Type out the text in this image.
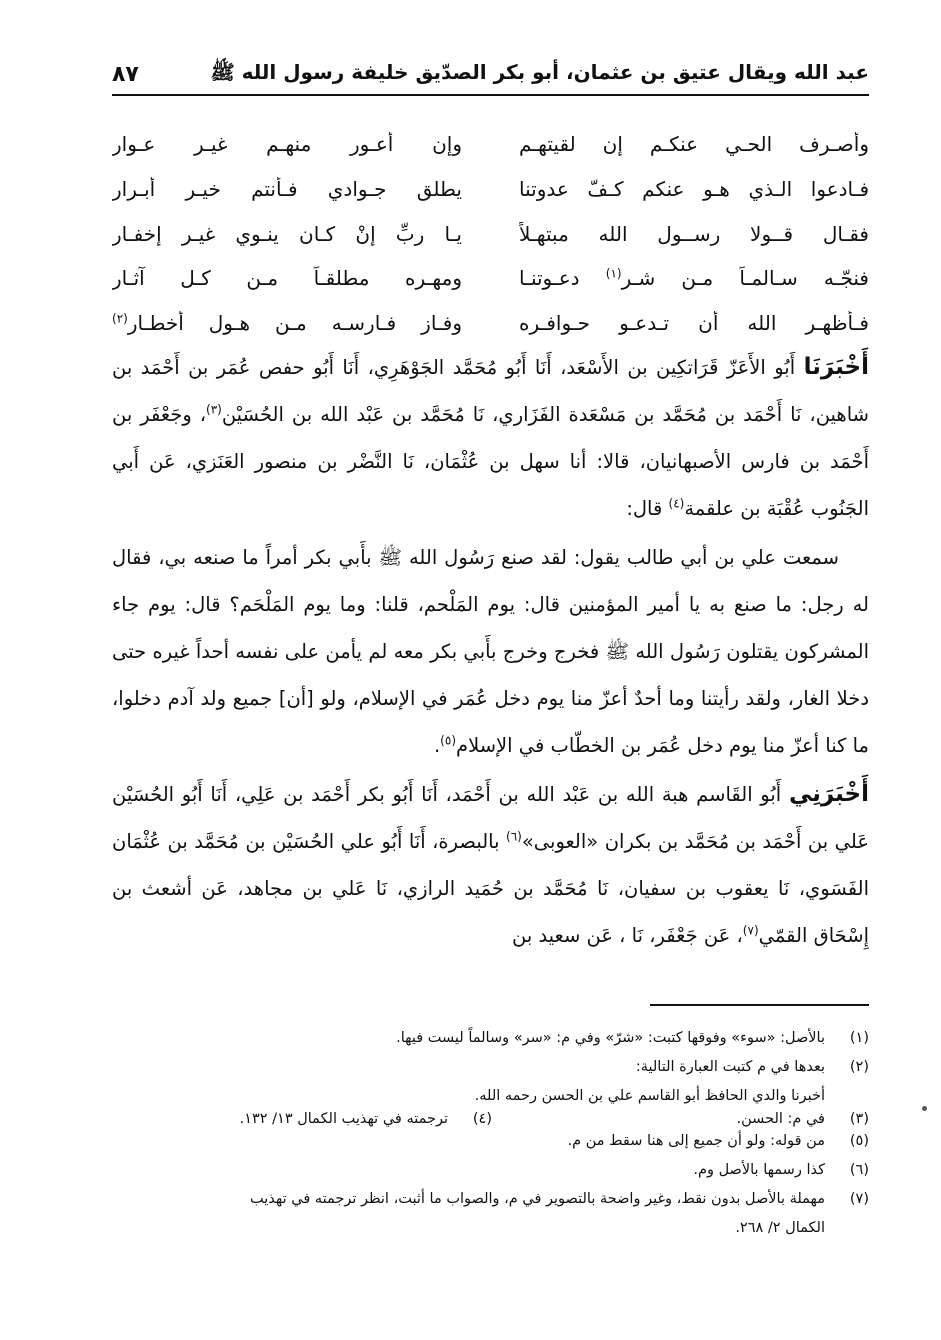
عبد الله ويقال عتيق بن عثمان، أبو بكر الصدّيق خليفة رسول الله ﷺ
٨٧
وأصـرف الحـي عنكـم إن لقيتهـم
وإن أعـور منهـم غيـر عـوار
فـادعوا الـذي هـو عنكم كـفّ عدوتنا
يطلق جـوادي فـأنتم خيـر أبـرار
فقـال قــولا رســول الله مبتهـلاً
يـا ربِّ إنْ كـان ينـوي غيـر إخفـار
فنجّـه سـالمـاً مـن شـر$^{(١)}$ دعـوتنـا
ومهـره مطلقـاً مـن كـل آثـار
فـأظهـر الله أن تـدعـو حـوافـره
وفـاز فـارسـه مـن هـول أخطـار$^{(٢)}$

أَخْبَرَنَا أَبُو الأَعَزّ قَرَاتكِين بن الأَسْعَد، أَنَا أَبُو مُحَمَّد الجَوْهَرِي، أَنَا أَبُو حفص عُمَر بن أَحْمَد بن شاهين، نَا أَحْمَد بن مُحَمَّد بن مَسْعَدة الفَزَاري، نَا مُحَمَّد بن عَبْد الله بن الحُسَيْن$^{(٣)}$، وجَعْفَر بن أَحْمَد بن فارس الأصبهانيان، قالا: أنا سهل بن عُثْمَان، نَا النَّضْر بن منصور العَنَزي، عَن أَبي الجَنُوب عُقْبَة بن علقمة$^{(٤)}$ قال:

سمعت علي بن أبي طالب يقول: لقد صنع رَسُول الله ﷺ بأَبي بكر أمراً ما صنعه بي، فقال له رجل: ما صنع به يا أمير المؤمنين قال: يوم المَلْحم، قلنا: وما يوم المَلْحَم؟ قال: يوم جاء المشركون يقتلون رَسُول الله ﷺ فخرج وخرج بأَبي بكر معه لم يأمن على نفسه أحداً غيره حتى دخلا الغار، ولقد رأيتنا وما أحدٌ أعزّ منا يوم دخل عُمَر في الإسلام، ولو [أن] جميع ولد آدم دخلوا، ما كنا أعزّ منا يوم دخل عُمَر بن الخطّاب في الإسلام$^{(٥)}$.

أَخْبَرَنِي أَبُو القَاسم هبة الله بن عَبْد الله بن أَحْمَد، أَنَا أَبُو بكر أَحْمَد بن عَلِي، أَنَا أَبُو الحُسَيْن عَلي بن أَحْمَد بن مُحَمَّد بن بكران «العوبى»$^{(٦)}$ بالبصرة، أَنَا أَبُو علي الحُسَيْن بن مُحَمَّد بن عُثْمَان الفَسَوي، نَا يعقوب بن سفيان، نَا مُحَمَّد بن حُمَيد الرازي، نَا عَلي بن مجاهد، عَن أشعث بن إِسْحَاق القمّي$^{(٧)}$، عَن جَعْفَر، نَا ، عَن سعيد بن

(١)
بالأصل: «سوء» وفوقها كتبت: «شرّ» وفي م: «سر» وسالماً ليست فيها.
(٢)
بعدها في م كتبت العبارة التالية:
أخبرنا والدي الحافظ أبو القاسم علي بن الحسن رحمه الله.
(٣)
في م: الحسن.
(٤)
ترجمته في تهذيب الكمال ١٣/ ١٣٢.
(٥)
من قوله: ولو أن جميع إلى هنا سقط من م.
(٦)
كذا رسمها بالأصل وم.
(٧)
مهملة بالأصل بدون نقط، وغير واضحة بالتصوير في م، والصواب ما أثبت، انظر ترجمته في تهذيب
الكمال ٢/ ٢٦٨.
